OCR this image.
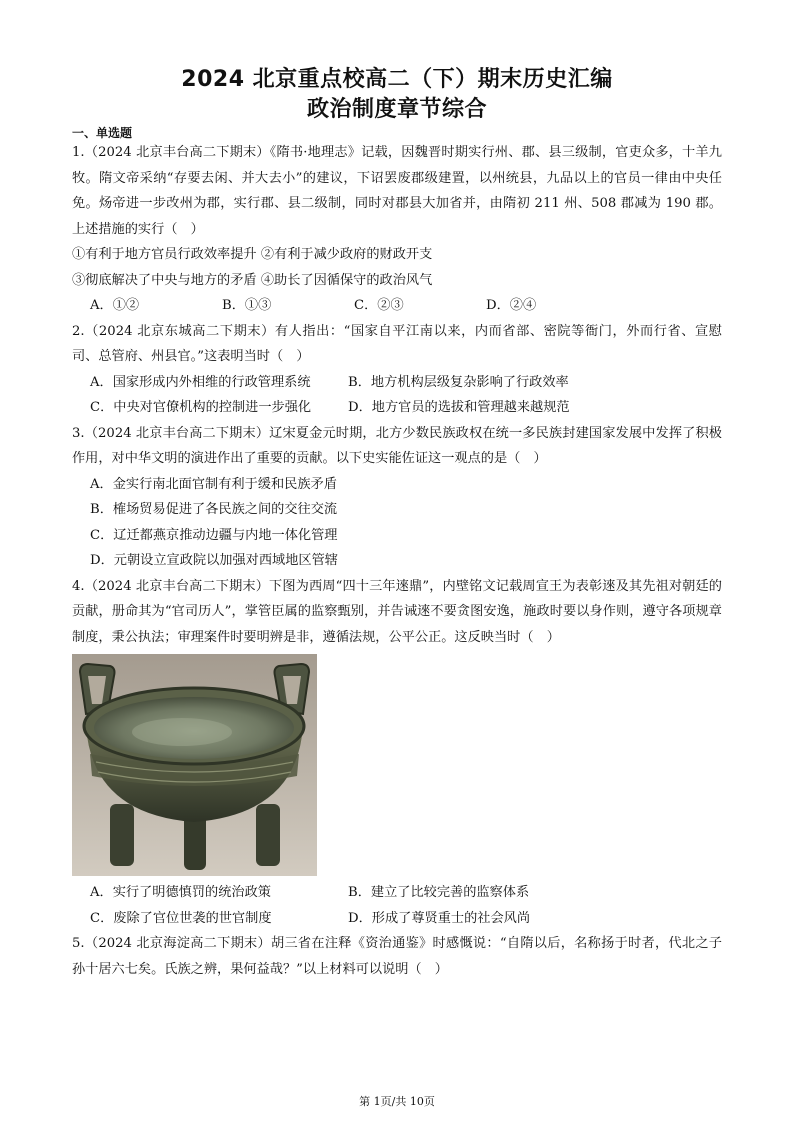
2024 北京重点校高二（下）期末历史汇编
政治制度章节综合
一、单选题
1.（2024 北京丰台高二下期末）《隋书·地理志》记载，因魏晋时期实行州、郡、县三级制，官吏众多，十羊九牧。隋文帝采纳“存要去闲、并大去小”的建议，下诏罢废郡级建置，以州统县，九品以上的官员一律由中央任免。炀帝进一步改州为郡，实行郡、县二级制，同时对郡县大加省并，由隋初 211 州、508 郡减为 190 郡。上述措施的实行（　）
①有利于地方官员行政效率提升 ②有利于减少政府的财政开支
③彻底解决了中央与地方的矛盾 ④助长了因循保守的政治风气
A．①②	B．①③	C．②③	D．②④
2.（2024 北京东城高二下期末）有人指出：“国家自平江南以来，内而省部、密院等衙门，外而行省、宣慰司、总管府、州县官。”这表明当时（　）
A．国家形成内外相维的行政管理系统	B．地方机构层级复杂影响了行政效率
C．中央对官僚机构的控制进一步强化	D．地方官员的选拔和管理越来越规范
3.（2024 北京丰台高二下期末）辽宋夏金元时期，北方少数民族政权在统一多民族封建国家发展中发挥了积极作用，对中华文明的演进作出了重要的贡献。以下史实能佐证这一观点的是（　）
A．金实行南北面官制有利于缓和民族矛盾
B．榷场贸易促进了各民族之间的交往交流
C．辽迁都燕京推动边疆与内地一体化管理
D．元朝设立宣政院以加强对西域地区管辖
4.（2024 北京丰台高二下期末）下图为西周“四十三年逨鼎”，内壁铭文记载周宣王为表彰逨及其先祖对朝廷的贡献，册命其为“官司历人”，掌管臣属的监察甄别，并告诫逨不要贪图安逸，施政时要以身作则，遵守各项规章制度，秉公执法；审理案件时要明辨是非，遵循法规，公平公正。这反映当时（　）
A．实行了明德慎罚的统治政策	B．建立了比较完善的监察体系
C．废除了官位世袭的世官制度	D．形成了尊贤重士的社会风尚
5.（2024 北京海淀高二下期末）胡三省在注释《资治通鉴》时感慨说：“自隋以后，名称扬于时者，代北之子孙十居六七矣。氏族之辨，果何益哉？”以上材料可以说明（　）
第 1页/共 10页
